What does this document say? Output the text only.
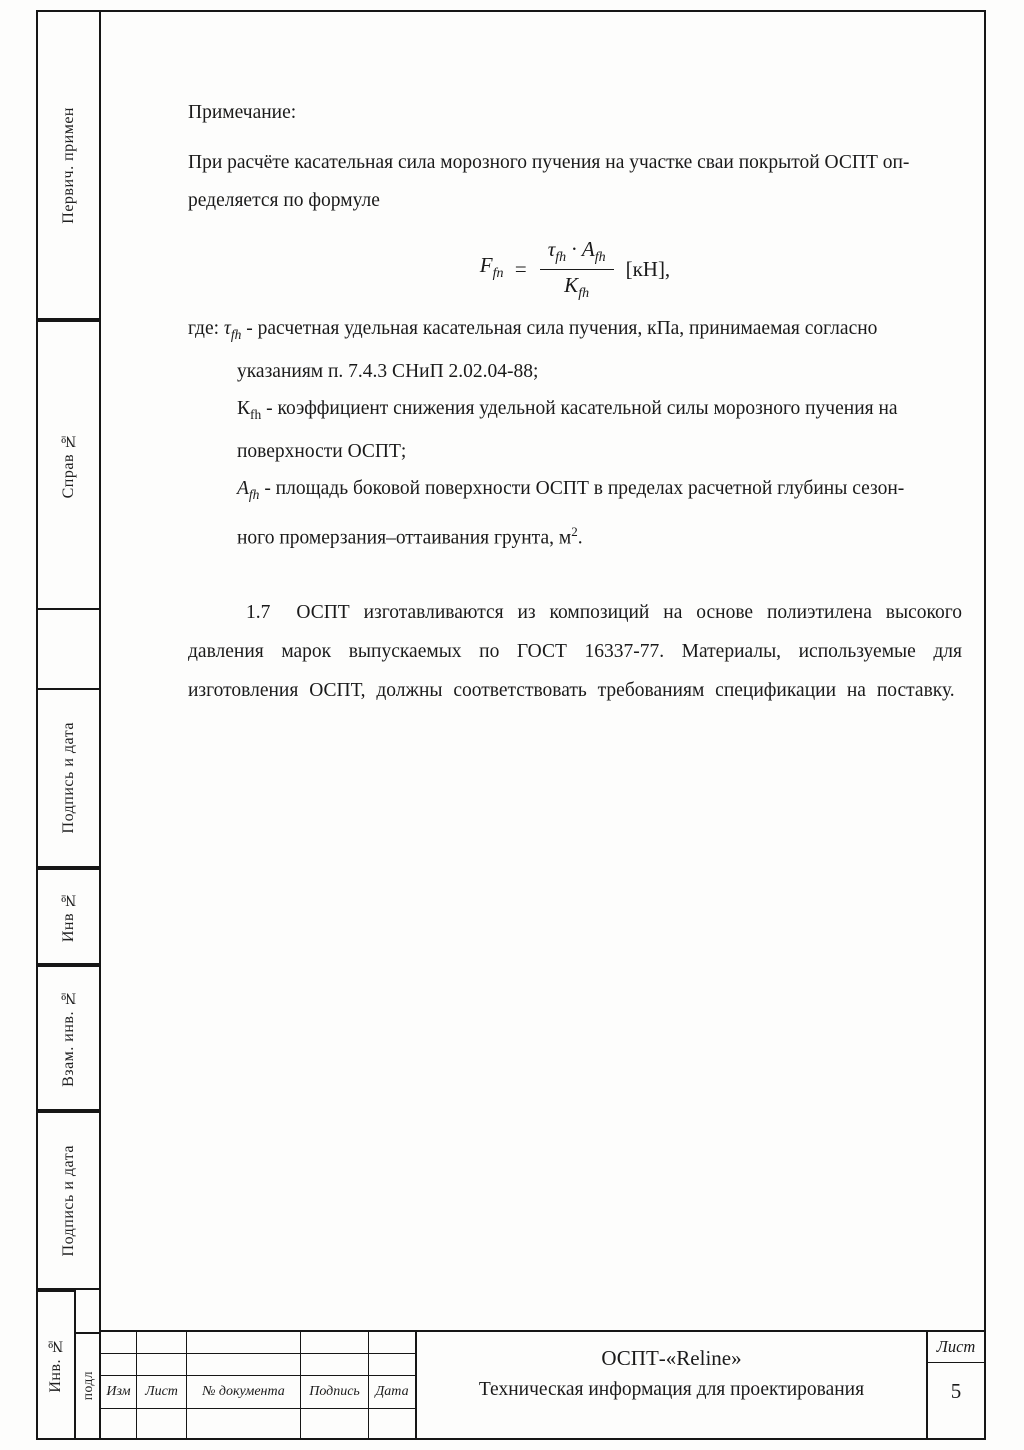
Первич. примен
Справ №
Подпись и дата
Инв №
Взам. инв. №
Подпись и дата
Инв. № подл
Примечание:
При расчёте касательная сила морозного пучения на участке сваи покрытой ОСПТ оп-
ределяется по формуле
$F_{fn} = \frac{\tau_{fh} \cdot A_{fh}}{K_{fh}} [кН]$,
где: $\tau_{fh}$ - расчетная удельная касательная сила пучения, кПа, принимаемая согласно
указаниям п. 7.4.3 СНиП 2.02.04-88;
$К_{fh}$ - коэффициент снижения удельной касательной силы морозного пучения на
поверхности ОСПТ;
$A_{fh}$ - площадь боковой поверхности ОСПТ в пределах расчетной глубины сезон-
ного промерзания–оттаивания грунта, $м^2$.

1.7 ОСПТ изготавливаются из композиций на основе полиэтилена высокого давления марок выпускаемых по ГОСТ 16337-77. Материалы, используемые для изготовления ОСПТ, должны соответствовать требованиям спецификации на поставку.

Изм	Лист	№ документа	Подпись	Дата
ОСПТ-«Reline»
Техническая информация для проектирования
Лист
5
